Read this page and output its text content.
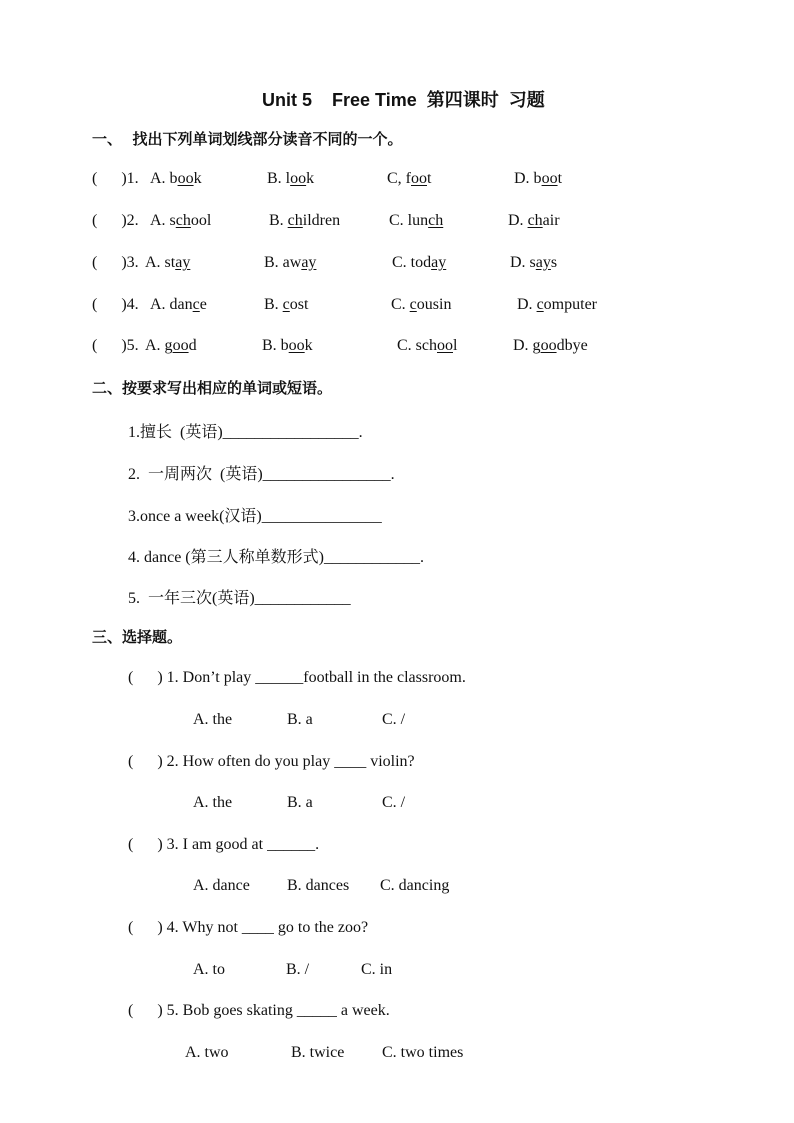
Unit 5    Free Time  第四课时  习题
一、  找出下列单词划线部分读音不同的一个。
(      )1. A. book	B. look	C, foot	D. boot
(      )2. A. school	B. children	C. lunch	D. chair
(      )3. A. stay	B. away	C. today	D. says
(      )4. A. dance	B. cost	C. cousin	D. computer
(      )5. A. good	B. book	C. school	D. goodbye
二、按要求写出相应的单词或短语。
1.擅长  (英语)_________________.
2.  一周两次  (英语)________________.
3.once a week(汉语)_______________
4. dance (第三人称单数形式)____________.
5.  一年三次(英语)____________
三、选择题。
(      ) 1. Don’t play ______football in the classroom.
A. the	B. a	C. /
(      ) 2. How often do you play ____ violin?
A. the	B. a	C. /
(      ) 3. I am good at ______.
A. dance B. dances C. dancing
(      ) 4. Why not ____ go to the zoo?
A. to	B. /	C. in
(      ) 5. Bob goes skating _____ a week.
A. two	B. twice C. two times
